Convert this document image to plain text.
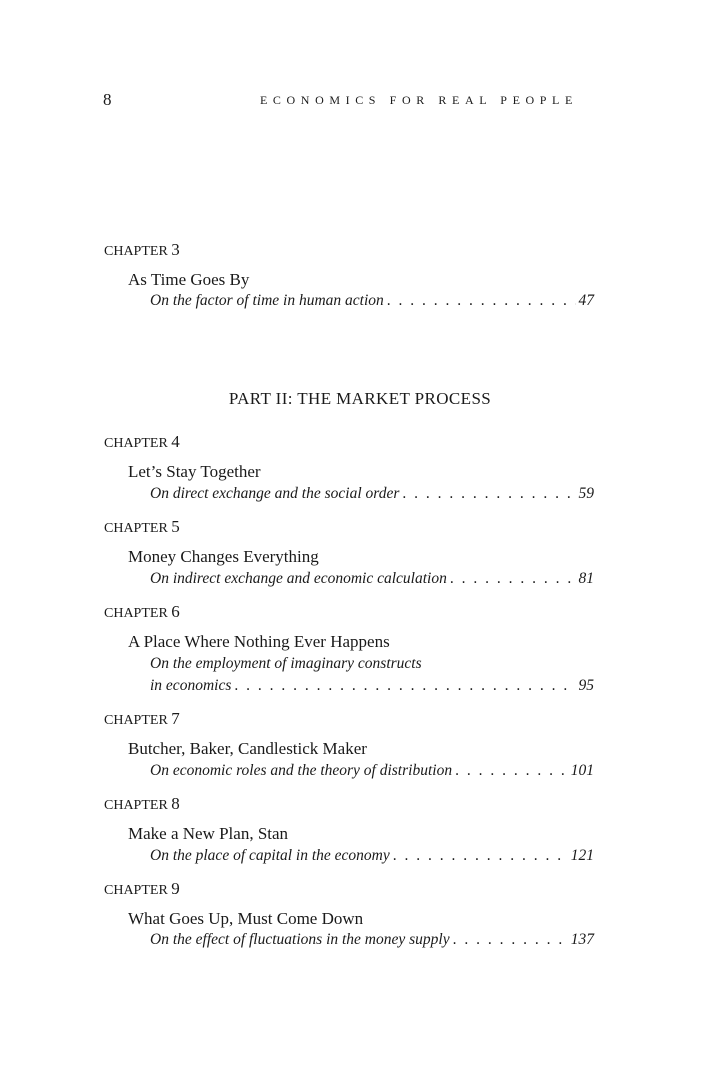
8	ECONOMICS FOR REAL PEOPLE
CHAPTER 3
As Time Goes By
On the factor of time in human action . . .	47
PART II: THE MARKET PROCESS
CHAPTER 4
Let’s Stay Together
On direct exchange and the social order . . .	59
CHAPTER 5
Money Changes Everything
On indirect exchange and economic calculation . . .	81
CHAPTER 6
A Place Where Nothing Ever Happens
On the employment of imaginary constructs
in economics . . .	95
CHAPTER 7
Butcher, Baker, Candlestick Maker
On economic roles and the theory of distribution . . .	101
CHAPTER 8
Make a New Plan, Stan
On the place of capital in the economy . . .	121
CHAPTER 9
What Goes Up, Must Come Down
On the effect of fluctuations in the money supply . . .	137
